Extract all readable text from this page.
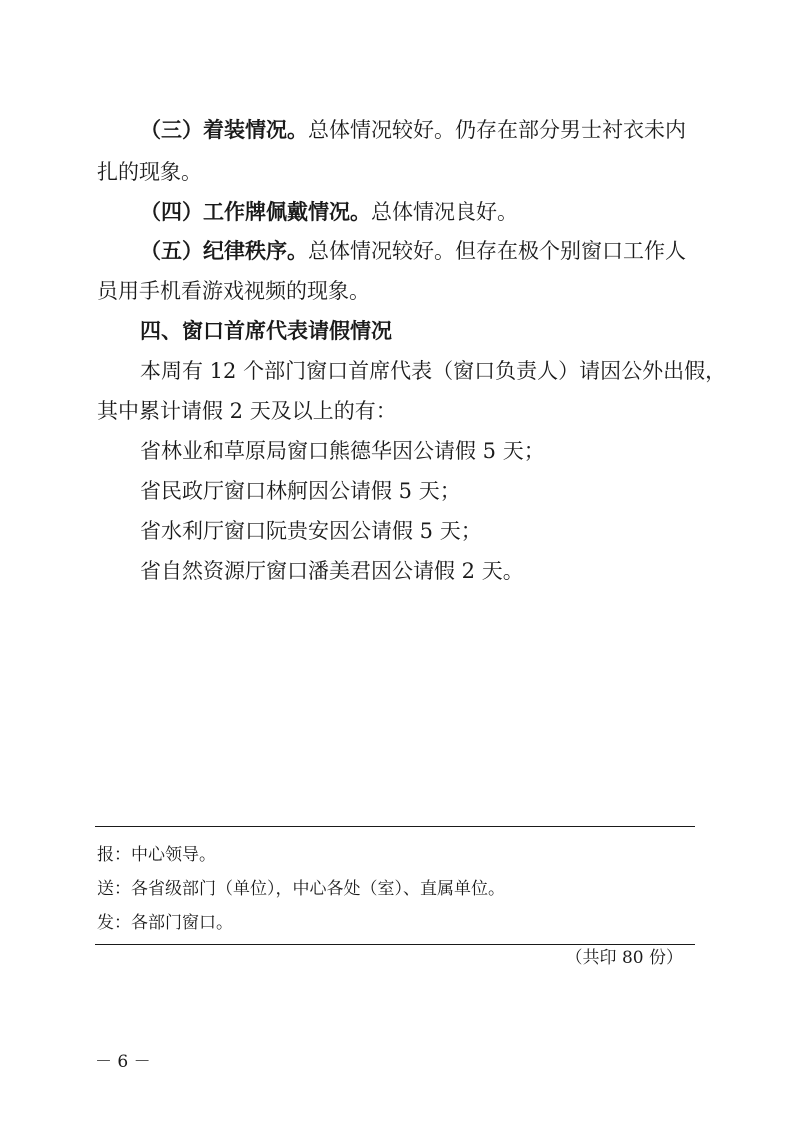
（三）着装情况。总体情况较好。仍存在部分男士衬衣未内

扎的现象。

（四）工作牌佩戴情况。总体情况良好。

（五）纪律秩序。总体情况较好。但存在极个别窗口工作人

员用手机看游戏视频的现象。

四、窗口首席代表请假情况

本周有 12 个部门窗口首席代表（窗口负责人）请因公外出假，

其中累计请假 2 天及以上的有：

省林业和草原局窗口熊德华因公请假 5 天；

省民政厅窗口林舸因公请假 5 天；

省水利厅窗口阮贵安因公请假 5 天；

省自然资源厅窗口潘美君因公请假 2 天。

报：中心领导。

送：各省级部门（单位），中心各处（室）、直属单位。

发：各部门窗口。

（共印 80 份）

－ 6 －
